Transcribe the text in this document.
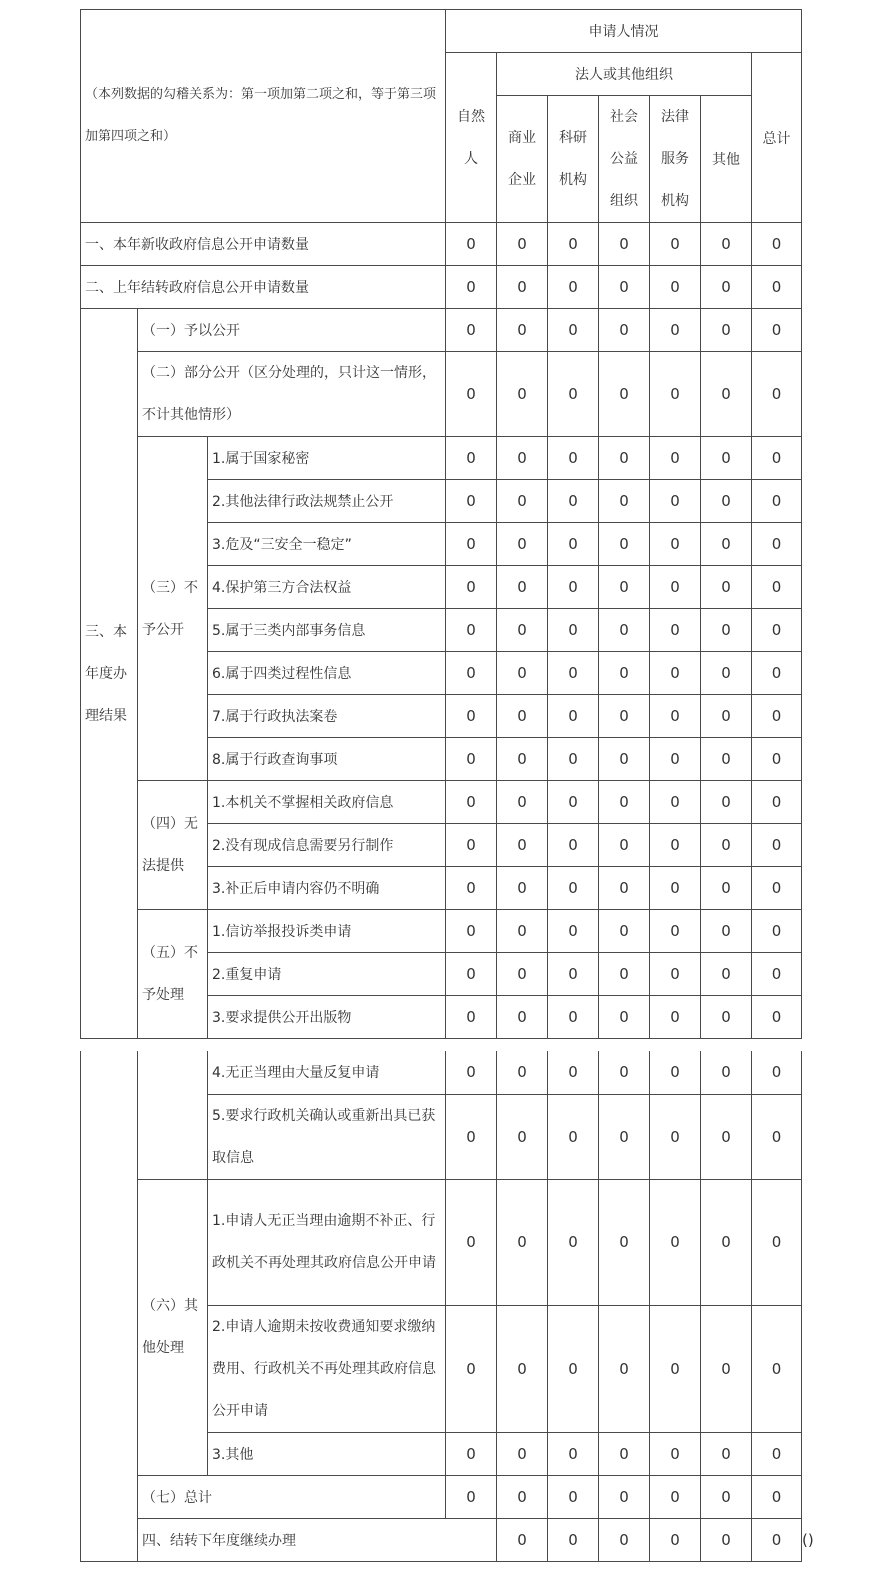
（本列数据的勾稽关系为：第一项加第二项之和，等于第三项加第四项之和）			申请人情况						
			自然人	法人或其他组织					总计
				商业企业	科研机构	社会公益组织	法律服务机构	其他	
一、本年新收政府信息公开申请数量			0	0	0	0	0	0	0
二、上年结转政府信息公开申请数量			0	0	0	0	0	0	0
三、本年度办理结果	（一）予以公开		0	0	0	0	0	0	0
	（二）部分公开（区分处理的，只计这一情形，不计其他情形）		0	0	0	0	0	0	0
	（三）不予公开	1.属于国家秘密	0	0	0	0	0	0	0
		2.其他法律行政法规禁止公开	0	0	0	0	0	0	0
		3.危及“三安全一稳定”	0	0	0	0	0	0	0
		4.保护第三方合法权益	0	0	0	0	0	0	0
		5.属于三类内部事务信息	0	0	0	0	0	0	0
		6.属于四类过程性信息	0	0	0	0	0	0	0
		7.属于行政执法案卷	0	0	0	0	0	0	0
		8.属于行政查询事项	0	0	0	0	0	0	0
	（四）无法提供	1.本机关不掌握相关政府信息	0	0	0	0	0	0	0
		2.没有现成信息需要另行制作	0	0	0	0	0	0	0
		3.补正后申请内容仍不明确	0	0	0	0	0	0	0
	（五）不予处理	1.信访举报投诉类申请	0	0	0	0	0	0	0
		2.重复申请	0	0	0	0	0	0	0
		3.要求提供公开出版物	0	0	0	0	0	0	0
		4.无正当理由大量反复申请	0	0	0	0	0	0	0	
		5.要求行政机关确认或重新出具已获取信息	0	0	0	0	0	0	0	
	（六）其他处理	1.申请人无正当理由逾期不补正、行政机关不再处理其政府信息公开申请	0	0	0	0	0	0	0	
		2.申请人逾期未按收费通知要求缴纳费用、行政机关不再处理其政府信息公开申请	0	0	0	0	0	0	0	
		3.其他	0	0	0	0	0	0	0	
	（七）总计		0	0	0	0	0	0	0	
	四、结转下年度继续办理			0	0	0	0	0	0	()
